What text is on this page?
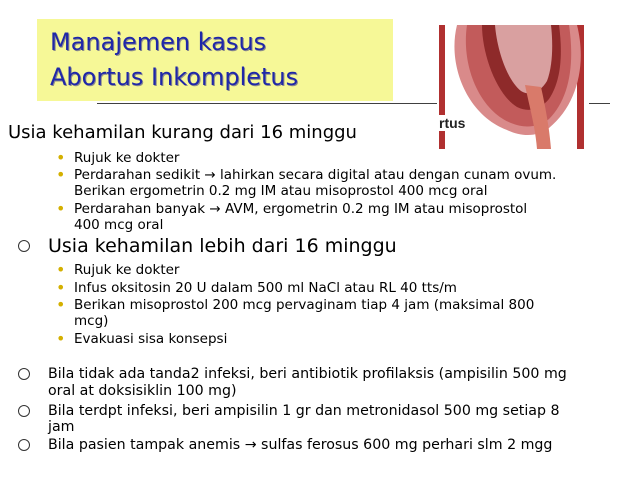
Manajemen kasus
Abortus Inkompletus
rtus
Usia kehamilan kurang dari 16 minggu
• Rujuk ke dokter
• Perdarahan sedikit → lahirkan secara digital atau dengan cunam ovum.
Berikan ergometrin 0.2 mg IM atau misoprostol 400 mcg oral
• Perdarahan banyak → AVM, ergometrin 0.2 mg IM atau misoprostol
400 mcg oral
Usia kehamilan lebih dari 16 minggu
• Rujuk ke dokter
• Infus oksitosin 20 U dalam 500 ml NaCl atau RL 40 tts/m
• Berikan misoprostol 200 mcg pervaginam tiap 4 jam (maksimal 800
mcg)
• Evakuasi sisa konsepsi
Bila tidak ada tanda2 infeksi, beri antibiotik profilaksis (ampisilin 500 mg
oral at doksisiklin 100 mg)
Bila terdpt infeksi, beri ampisilin 1 gr dan metronidasol 500 mg setiap 8
jam
Bila pasien tampak anemis → sulfas ferosus 600 mg perhari slm 2 mgg
